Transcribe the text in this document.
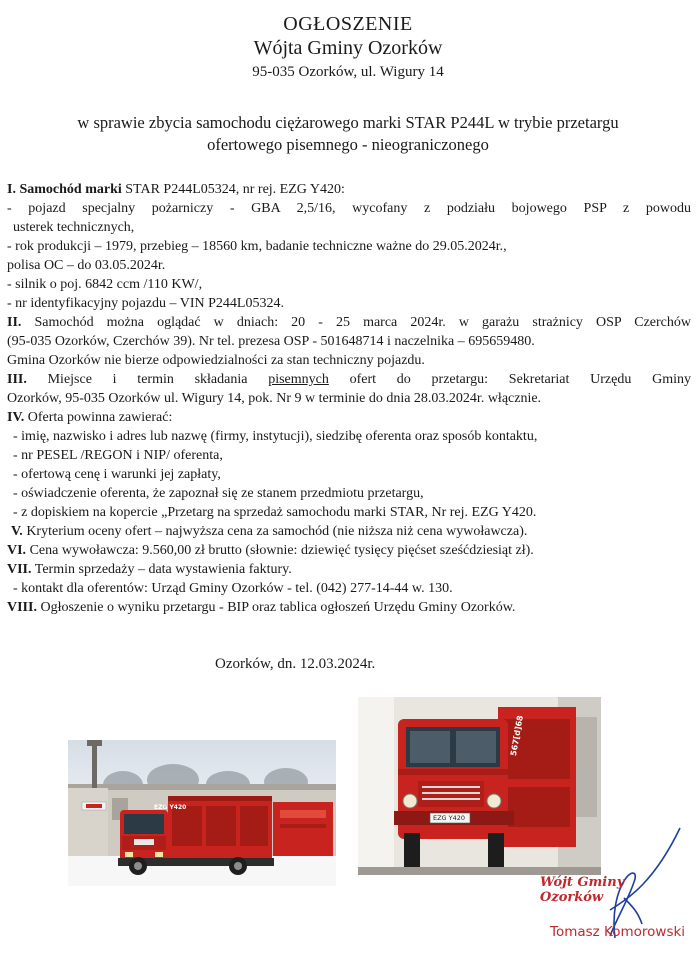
OGŁOSZENIE
Wójta Gminy Ozorków
95-035 Ozorków, ul. Wigury 14
w sprawie zbycia samochodu ciężarowego marki STAR P244L w trybie przetargu
ofertowego pisemnego - nieograniczonego
I. Samochód marki STAR P244L05324, nr rej. EZG Y420:
- pojazd specjalny pożarniczy - GBA 2,5/16, wycofany z podziału bojowego PSP z powodu
usterek technicznych,
- rok produkcji – 1979, przebieg – 18560 km, badanie techniczne ważne do 29.05.2024r.,
polisa OC – do 03.05.2024r.
- silnik o poj. 6842 ccm /110 KW/,
- nr identyfikacyjny pojazdu – VIN P244L05324.
II. Samochód można oglądać w dniach: 20 - 25 marca 2024r. w garażu strażnicy OSP Czerchów
(95-035 Ozorków, Czerchów 39). Nr tel. prezesa OSP - 501648714 i naczelnika – 695659480.
Gmina Ozorków nie bierze odpowiedzialności za stan techniczny pojazdu.
III. Miejsce i termin składania pisemnych ofert do przetargu: Sekretariat Urzędu Gminy
Ozorków, 95-035 Ozorków ul. Wigury 14, pok. Nr 9 w terminie do dnia 28.03.2024r. włącznie.
IV. Oferta powinna zawierać:
- imię, nazwisko i adres lub nazwę (firmy, instytucji), siedzibę oferenta oraz sposób kontaktu,
- nr PESEL /REGON i NIP/ oferenta,
- ofertową cenę i warunki jej zapłaty,
- oświadczenie oferenta, że zapoznał się ze stanem przedmiotu przetargu,
- z dopiskiem na kopercie „Przetarg na sprzedaż samochodu marki STAR, Nr rej. EZG Y420.
V. Kryterium oceny ofert – najwyższa cena za samochód (nie niższa niż cena wywoławcza).
VI. Cena wywoławcza: 9.560,00 zł brutto (słownie: dziewięć tysięcy pięćset sześćdziesiąt zł).
VII. Termin sprzedaży – data wystawienia faktury.
- kontakt dla oferentów: Urząd Gminy Ozorków - tel. (042) 277-14-44 w. 130.
VIII. Ogłoszenie o wyniku przetargu - BIP oraz tablica ogłoszeń Urzędu Gminy Ozorków.
Ozorków, dn. 12.03.2024r.
EZG Y420
EZG Y420
567[d]68
Wójt Gminy Ozorków
Tomasz Komorowski
